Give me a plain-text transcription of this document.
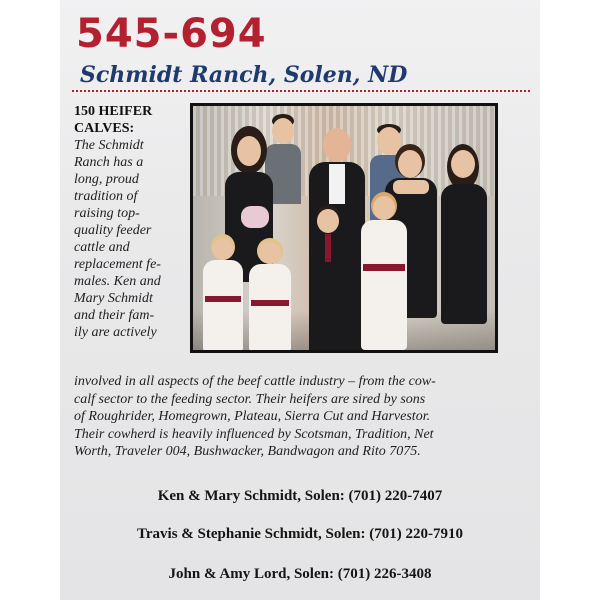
545-694
Schmidt Ranch, Solen, ND
150 HEIFER CALVES:
The Schmidt
Ranch has a
long, proud
tradition of
raising top-
quality feeder
cattle and
replacement fe-
males. Ken and
Mary Schmidt
and their fam-
ily are actively
involved in all aspects of the beef cattle industry – from the cow-
calf sector to the feeding sector. Their heifers are sired by sons
of Roughrider, Homegrown, Plateau, Sierra Cut and Harvestor.
Their cowherd is heavily influenced by Scotsman, Tradition, Net
Worth, Traveler 004, Bushwacker, Bandwagon and Rito 7075.
Ken & Mary Schmidt, Solen: (701) 220-7407
Travis & Stephanie Schmidt, Solen: (701) 220-7910
John & Amy Lord, Solen: (701) 226-3408
